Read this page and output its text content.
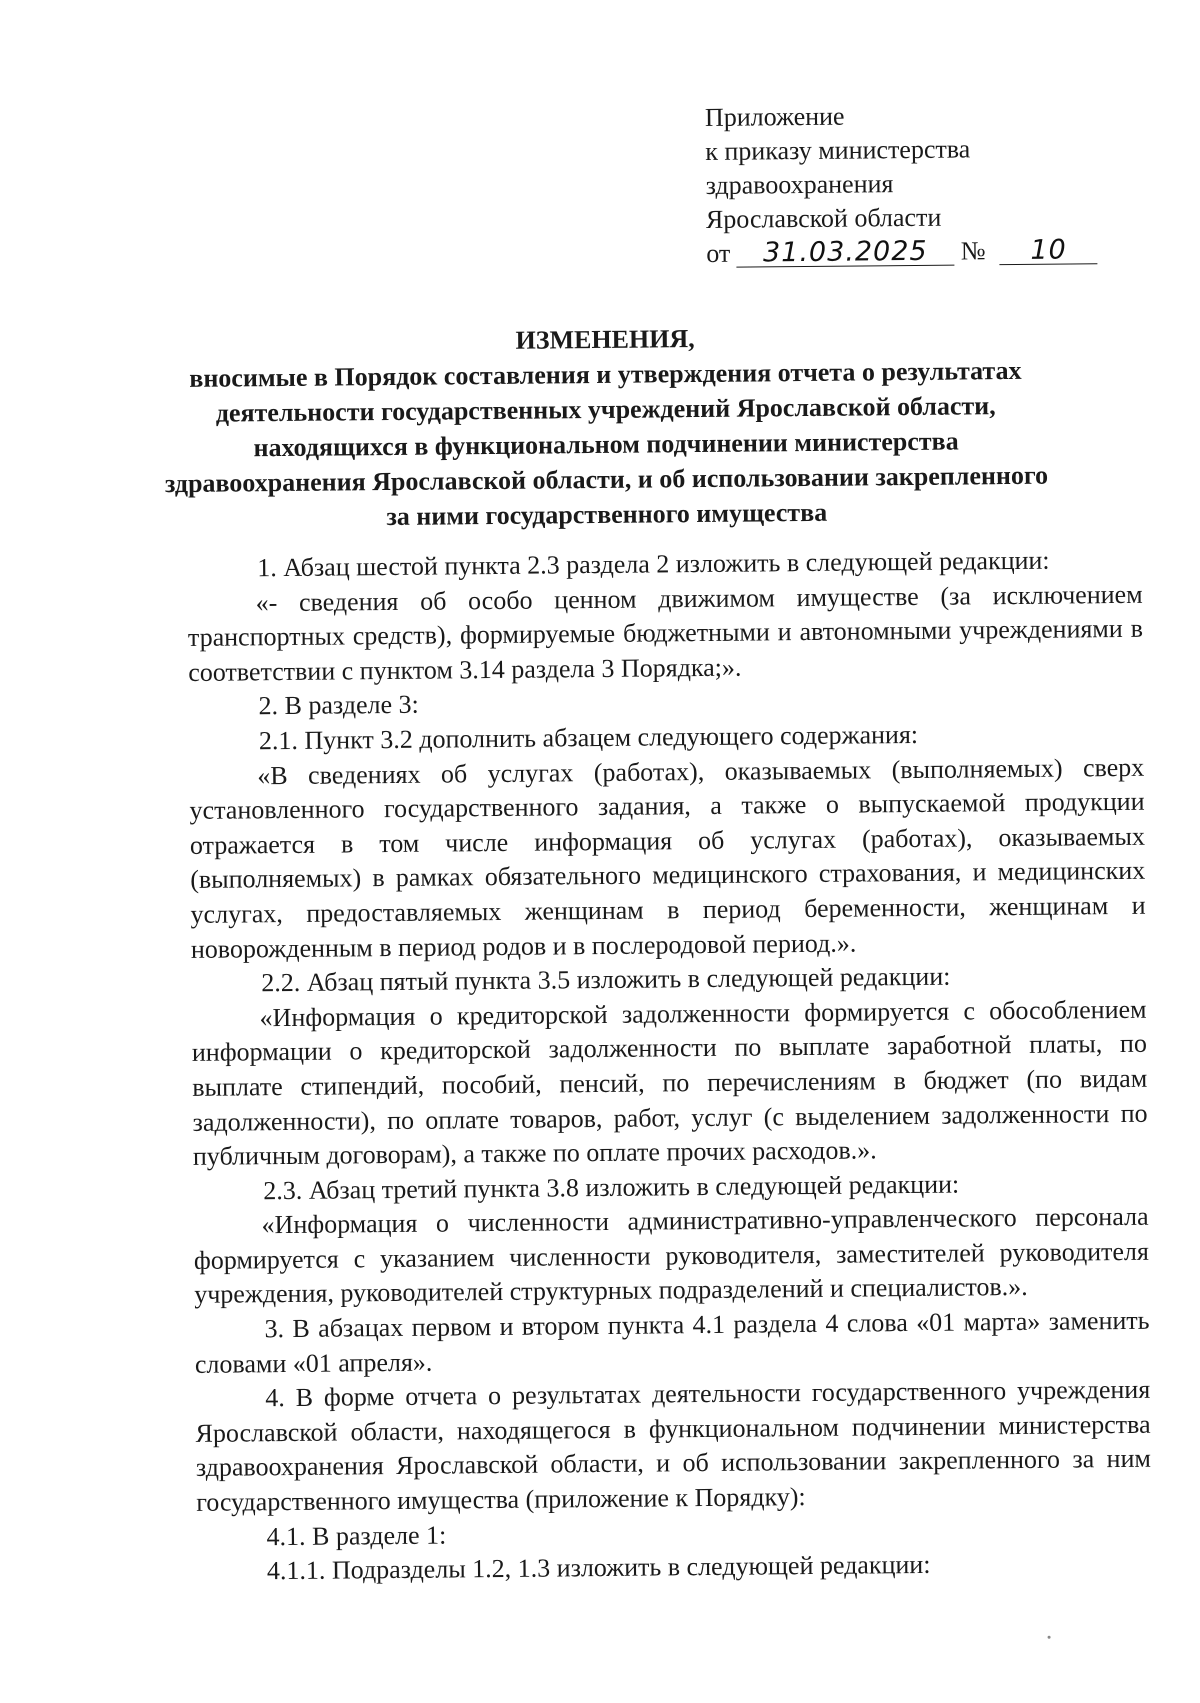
Приложение
к приказу министерства
здравоохранения
Ярославской области
от 31.03.2025 № 10
ИЗМЕНЕНИЯ,
вносимые в Порядок составления и утверждения отчета о результатах деятельности государственных учреждений Ярославской области, находящихся в функциональном подчинении министерства здравоохранения Ярославской области, и об использовании закрепленного за ними государственного имущества

1. Абзац шестой пункта 2.3 раздела 2 изложить в следующей редакции:

«- сведения об особо ценном движимом имуществе (за исключением транспортных средств), формируемые бюджетными и автономными учреждениями в соответствии с пунктом 3.14 раздела 3 Порядка;».

2. В разделе 3:

2.1. Пункт 3.2 дополнить абзацем следующего содержания:

«В сведениях об услугах (работах), оказываемых (выполняемых) сверх установленного государственного задания, а также о выпускаемой продукции отражается в том числе информация об услугах (работах), оказываемых (выполняемых) в рамках обязательного медицинского страхования, и медицинских услугах, предоставляемых женщинам в период беременности, женщинам и новорожденным в период родов и в послеродовой период.».

2.2. Абзац пятый пункта 3.5 изложить в следующей редакции:

«Информация о кредиторской задолженности формируется с обособлением информации о кредиторской задолженности по выплате заработной платы, по выплате стипендий, пособий, пенсий, по перечислениям в бюджет (по видам задолженности), по оплате товаров, работ, услуг (с выделением задолженности по публичным договорам), а также по оплате прочих расходов.».

2.3. Абзац третий пункта 3.8 изложить в следующей редакции:

«Информация о численности административно-управленческого персонала формируется с указанием численности руководителя, заместителей руководителя учреждения, руководителей структурных подразделений и специалистов.».

3. В абзацах первом и втором пункта 4.1 раздела 4 слова «01 марта» заменить словами «01 апреля».

4. В форме отчета о результатах деятельности государственного учреждения Ярославской области, находящегося в функциональном подчинении министерства здравоохранения Ярославской области, и об использовании закрепленного за ним государственного имущества (приложение к Порядку):

4.1. В разделе 1:

4.1.1. Подразделы 1.2, 1.3 изложить в следующей редакции:
